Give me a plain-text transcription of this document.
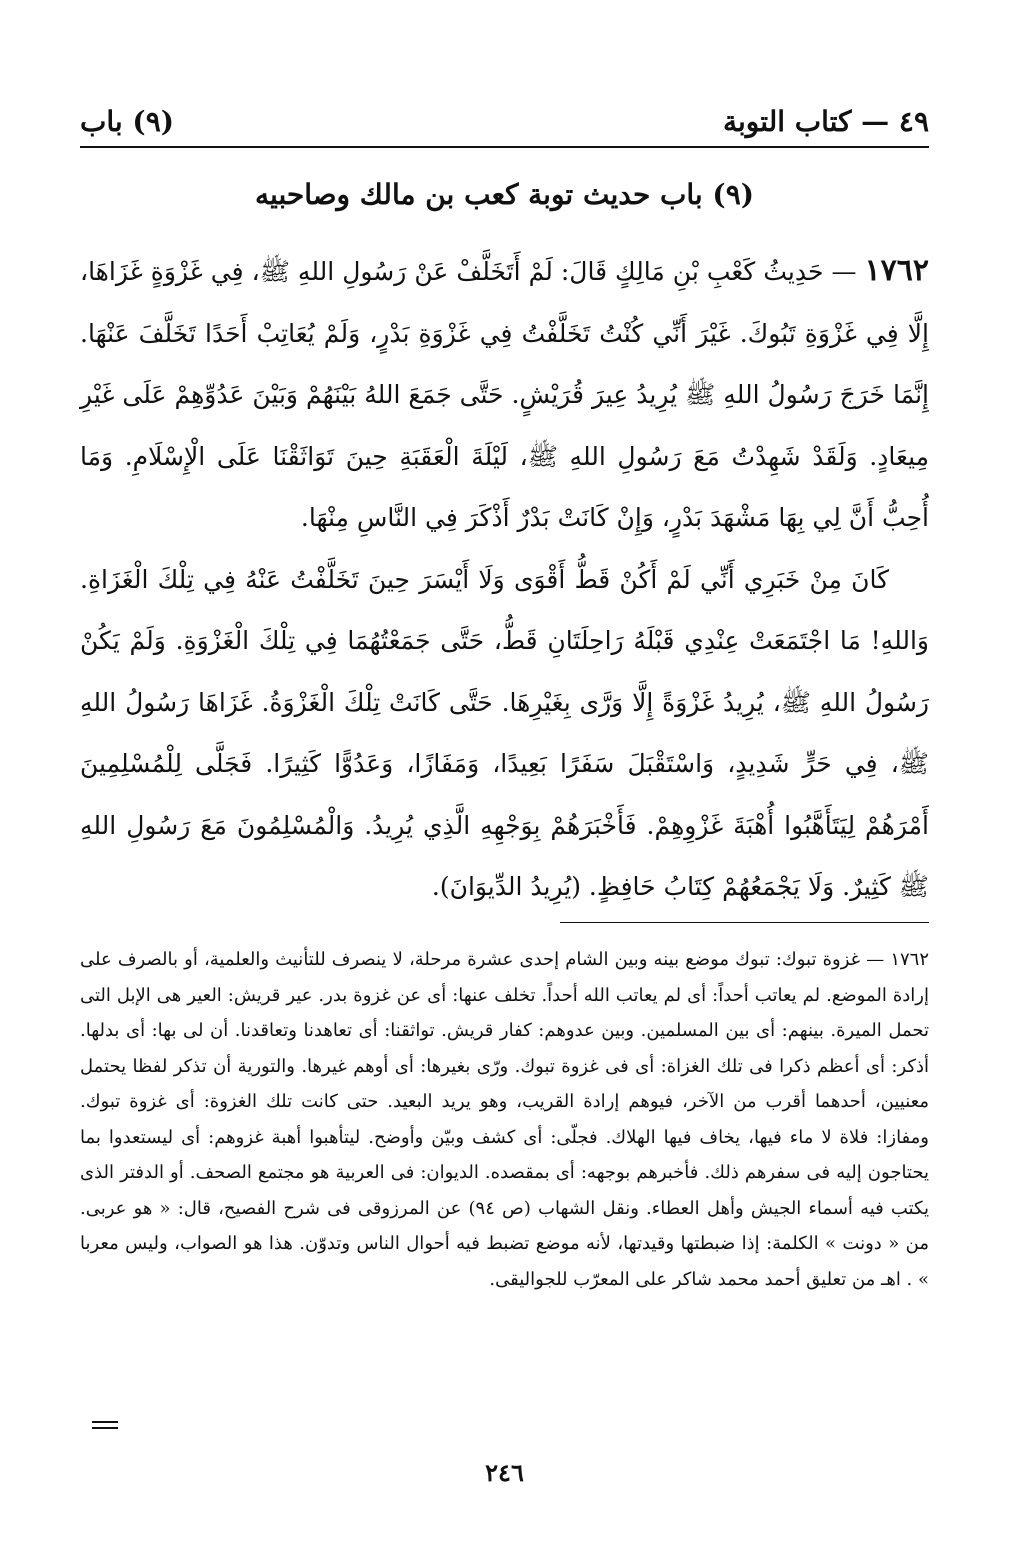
٤٩ — كتاب التوبة
(٩) باب
(٩) باب حديث توبة كعب بن مالك وصاحبيه

١٧٦٢ — حَدِيثُ كَعْبِ بْنِ مَالِكٍ قَالَ: لَمْ أَتَخَلَّفْ عَنْ رَسُولِ اللهِ ﷺ، فِي غَزْوَةٍ غَزَاهَا، إِلَّا فِي غَزْوَةِ تَبُوكَ. غَيْرَ أَنِّي كُنْتُ تَخَلَّفْتُ فِي غَزْوَةِ بَدْرٍ، وَلَمْ يُعَاتِبْ أَحَدًا تَخَلَّفَ عَنْهَا. إِنَّمَا خَرَجَ رَسُولُ اللهِ ﷺ يُرِيدُ عِيرَ قُرَيْشٍ. حَتَّى جَمَعَ اللهُ بَيْنَهُمْ وَبَيْنَ عَدُوِّهِمْ عَلَى غَيْرِ مِيعَادٍ. وَلَقَدْ شَهِدْتُ مَعَ رَسُولِ اللهِ ﷺ، لَيْلَةَ الْعَقَبَةِ حِينَ تَوَاثَقْنَا عَلَى الْإِسْلَامِ. وَمَا أُحِبُّ أَنَّ لِي بِهَا مَشْهَدَ بَدْرٍ، وَإِنْ كَانَتْ بَدْرٌ أَذْكَرَ فِي النَّاسِ مِنْهَا.

كَانَ مِنْ خَبَرِي أَنِّي لَمْ أَكُنْ قَطُّ أَقْوَى وَلَا أَيْسَرَ حِينَ تَخَلَّفْتُ عَنْهُ فِي تِلْكَ الْغَزَاةِ. وَاللهِ! مَا اجْتَمَعَتْ عِنْدِي قَبْلَهُ رَاحِلَتَانِ قَطُّ، حَتَّى جَمَعْتُهُمَا فِي تِلْكَ الْغَزْوَةِ. وَلَمْ يَكُنْ رَسُولُ اللهِ ﷺ، يُرِيدُ غَزْوَةً إِلَّا وَرَّى بِغَيْرِهَا. حَتَّى كَانَتْ تِلْكَ الْغَزْوَةُ. غَزَاهَا رَسُولُ اللهِ ﷺ، فِي حَرٍّ شَدِيدٍ، وَاسْتَقْبَلَ سَفَرًا بَعِيدًا، وَمَفَازًا، وَعَدُوًّا كَثِيرًا. فَجَلَّى لِلْمُسْلِمِينَ أَمْرَهُمْ لِيَتَأَهَّبُوا أُهْبَةَ غَزْوِهِمْ. فَأَخْبَرَهُمْ بِوَجْهِهِ الَّذِي يُرِيدُ. وَالْمُسْلِمُونَ مَعَ رَسُولِ اللهِ ﷺ كَثِيرٌ. وَلَا يَجْمَعُهُمْ كِتَابُ حَافِظٍ. (يُرِيدُ الدِّيوَانَ).

١٧٦٢ — غزوة تبوك: تبوك موضع بينه وبين الشام إحدى عشرة مرحلة، لا ينصرف للتأنيث والعلمية، أو بالصرف على إرادة الموضع. لم يعاتب أحداً: أى لم يعاتب الله أحداً. تخلف عنها: أى عن غزوة بدر. عير قريش: العير هى الإبل التى تحمل الميرة. بينهم: أى بين المسلمين. وبين عدوهم: كفار قريش. تواثقنا: أى تعاهدنا وتعاقدنا. أن لى بها: أى بدلها. أذكر: أى أعظم ذكرا فى تلك الغزاة: أى فى غزوة تبوك. ورّى بغيرها: أى أوهم غيرها. والتورية أن تذكر لفظا يحتمل معنيين، أحدهما أقرب من الآخر، فيوهم إرادة القريب، وهو يريد البعيد. حتى كانت تلك الغزوة: أى غزوة تبوك. ومفازا: فلاة لا ماء فيها، يخاف فيها الهلاك. فجلّى: أى كشف وبيّن وأوضح. ليتأهبوا أهبة غزوهم: أى ليستعدوا بما يحتاجون إليه فى سفرهم ذلك. فأخبرهم بوجهه: أى بمقصده. الديوان: فى العربية هو مجتمع الصحف. أو الدفتر الذى يكتب فيه أسماء الجيش وأهل العطاء. ونقل الشهاب (ص ٩٤) عن المرزوقى فى شرح الفصيح، قال: « هو عربى. من « دونت » الكلمة: إذا ضبطتها وقيدتها، لأنه موضع تضبط فيه أحوال الناس وتدوّن. هذا هو الصواب، وليس معربا » . اهـ من تعليق أحمد محمد شاكر على المعرّب للجواليقى.

٢٤٦
